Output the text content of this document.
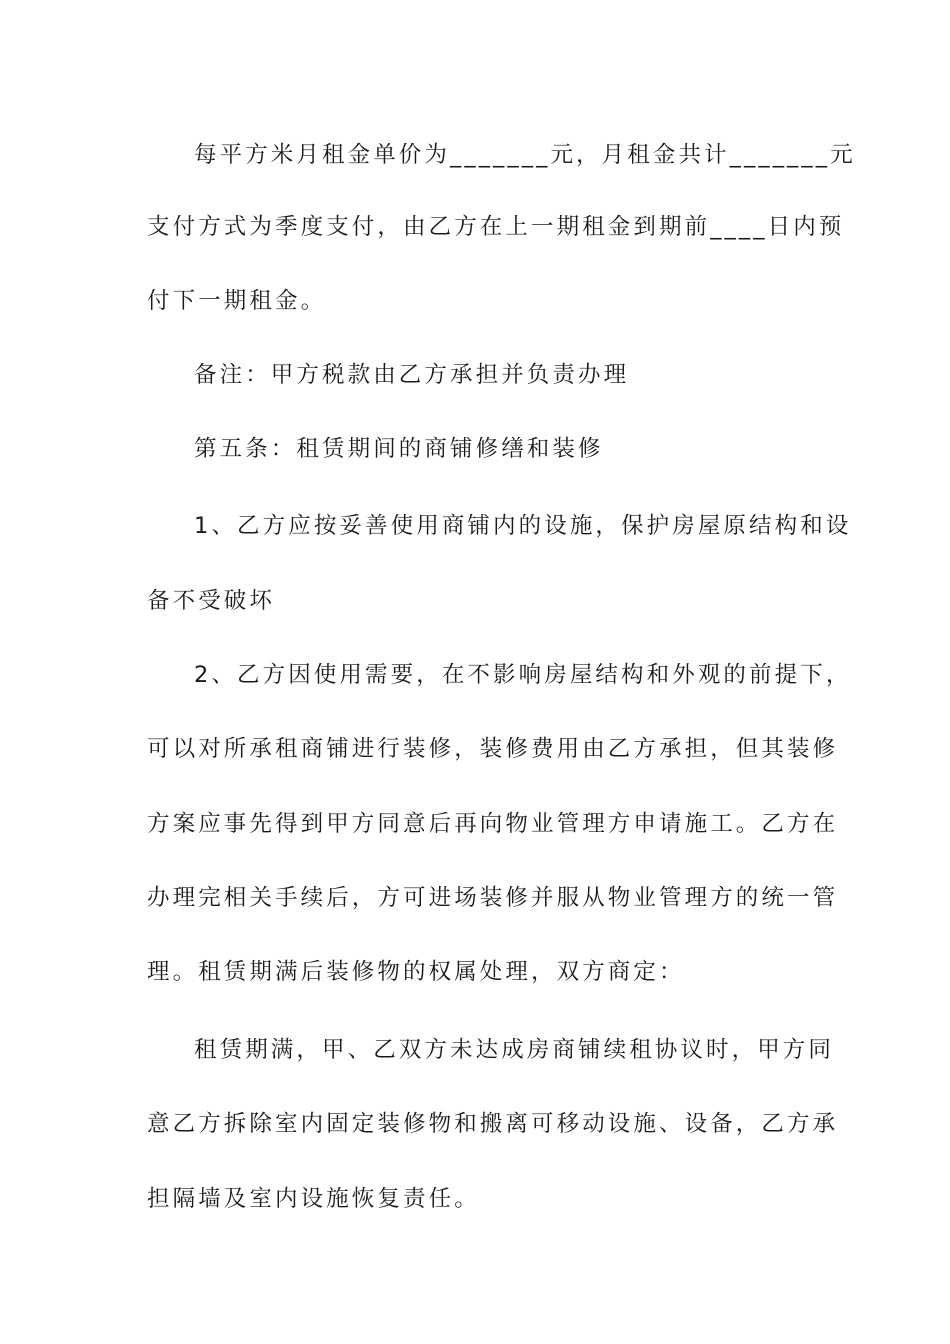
每平方米月租金单价为_______元，月租金共计_______元
支付方式为季度支付，由乙方在上一期租金到期前____日内预
付下一期租金。
备注：甲方税款由乙方承担并负责办理
第五条：租赁期间的商铺修缮和装修
1、乙方应按妥善使用商铺内的设施，保护房屋原结构和设
备不受破坏
2、乙方因使用需要，在不影响房屋结构和外观的前提下，
可以对所承租商铺进行装修，装修费用由乙方承担，但其装修
方案应事先得到甲方同意后再向物业管理方申请施工。乙方在
办理完相关手续后，方可进场装修并服从物业管理方的统一管
理。租赁期满后装修物的权属处理，双方商定：
租赁期满，甲、乙双方未达成房商铺续租协议时，甲方同
意乙方拆除室内固定装修物和搬离可移动设施、设备，乙方承
担隔墙及室内设施恢复责任。
